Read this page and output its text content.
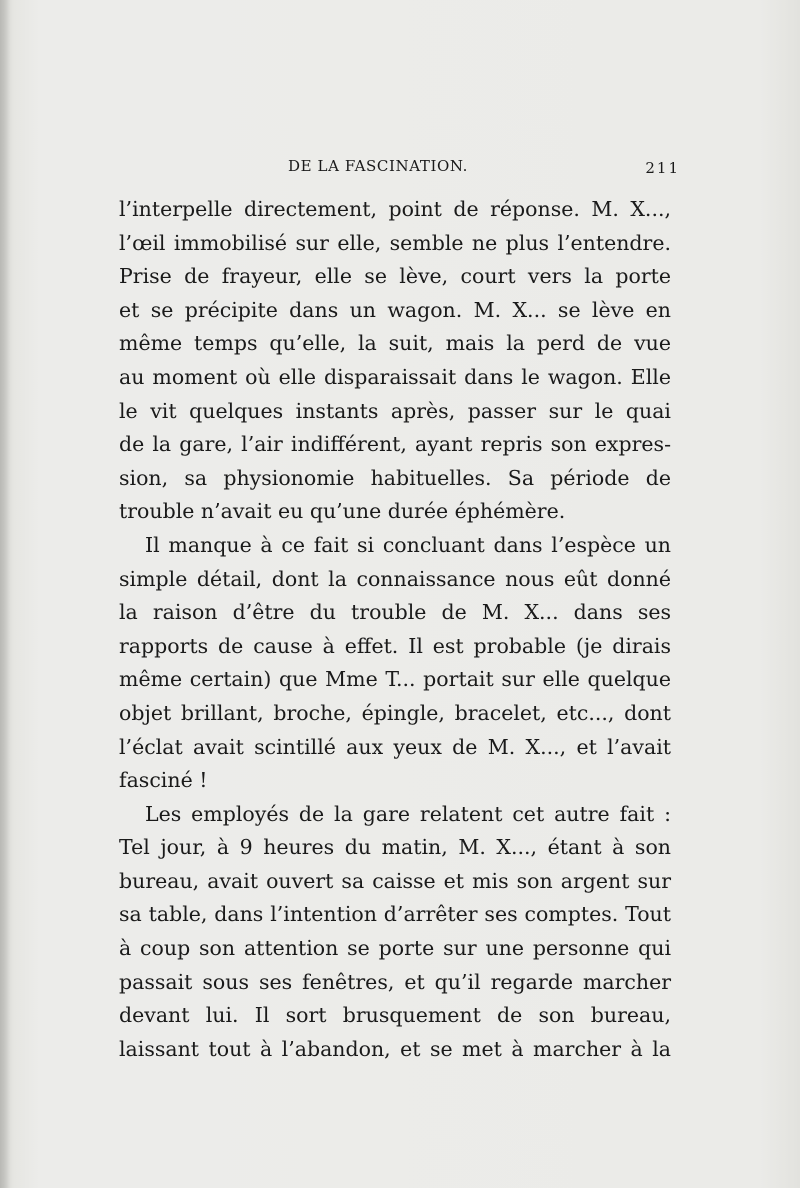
DE LA FASCINATION.	211
l’interpelle directement, point de réponse. M. X...,
l’œil immobilisé sur elle, semble ne plus l’entendre.
Prise de frayeur, elle se lève, court vers la porte
et se précipite dans un wagon. M. X... se lève en
même temps qu’elle, la suit, mais la perd de vue
au moment où elle disparaissait dans le wagon. Elle
le vit quelques instants après, passer sur le quai
de la gare, l’air indifférent, ayant repris son expres-
sion, sa physionomie habituelles. Sa période de
trouble n’avait eu qu’une durée éphémère.
Il manque à ce fait si concluant dans l’espèce un
simple détail, dont la connaissance nous eût donné
la raison d’être du trouble de M. X... dans ses
rapports de cause à effet. Il est probable (je dirais
même certain) que Mme T... portait sur elle quelque
objet brillant, broche, épingle, bracelet, etc..., dont
l’éclat avait scintillé aux yeux de M. X..., et l’avait
fasciné !
Les employés de la gare relatent cet autre fait :
Tel jour, à 9 heures du matin, M. X..., étant à son
bureau, avait ouvert sa caisse et mis son argent sur
sa table, dans l’intention d’arrêter ses comptes. Tout
à coup son attention se porte sur une personne qui
passait sous ses fenêtres, et qu’il regarde marcher
devant lui. Il sort brusquement de son bureau,
laissant tout à l’abandon, et se met à marcher à la
